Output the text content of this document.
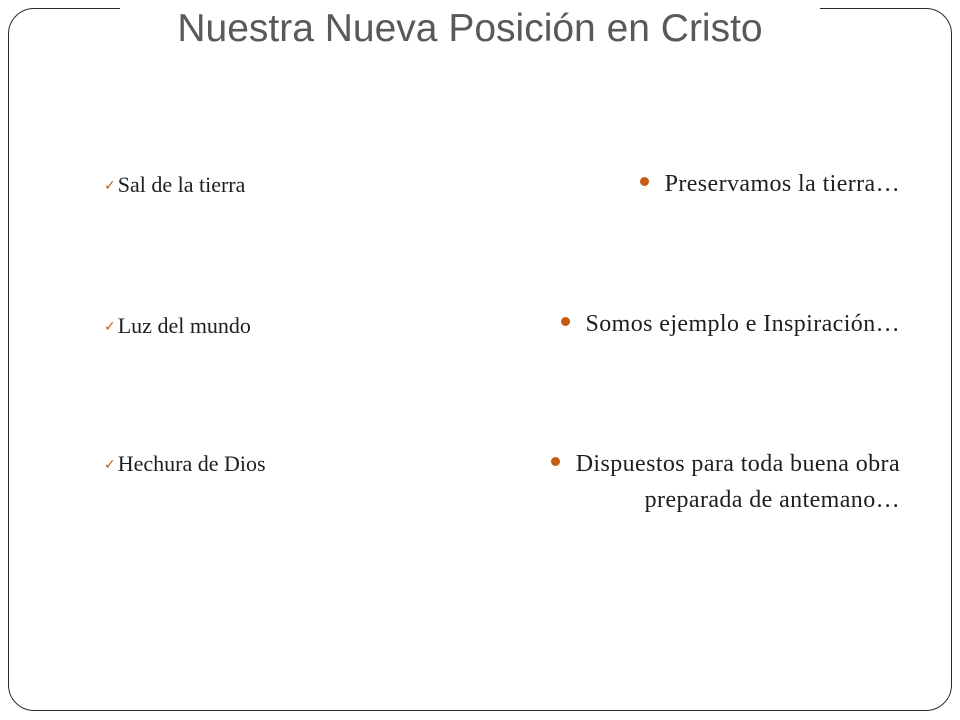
Nuestra Nueva Posición en Cristo
✓ Sal de la tierra
✓ Luz del mundo
✓ Hechura de Dios
Preservamos la tierra…
Somos ejemplo e Inspiración…
Dispuestos para toda buena obra
preparada de antemano…
